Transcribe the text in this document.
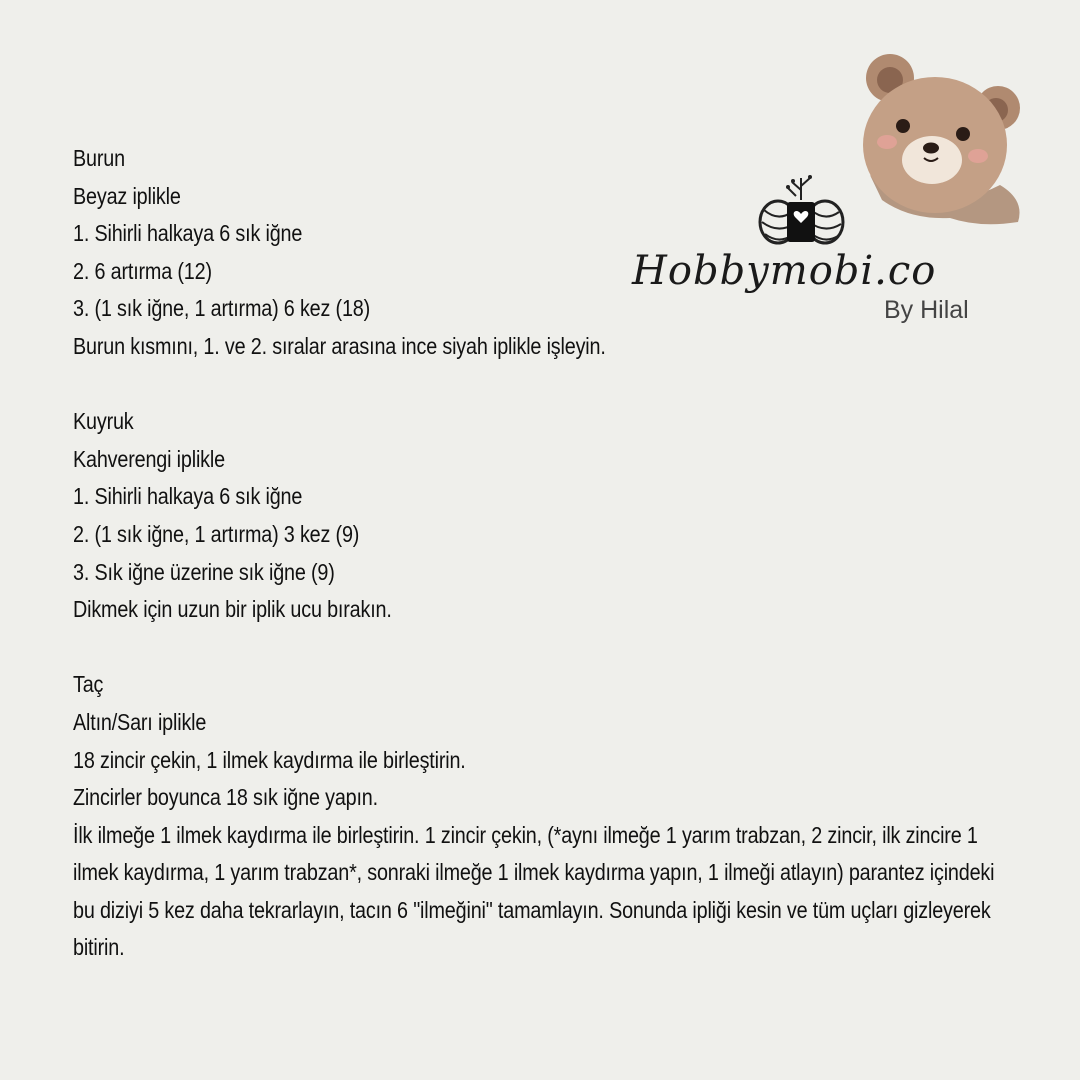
Hobbymobi.co
By Hilal
Burun
Beyaz iplikle
1. Sihirli halkaya 6 sık iğne
2. 6 artırma (12)
3. (1 sık iğne, 1 artırma) 6 kez (18)
Burun kısmını, 1. ve 2. sıralar arasına ince siyah iplikle işleyin.
Kuyruk
Kahverengi iplikle
1. Sihirli halkaya 6 sık iğne
2. (1 sık iğne, 1 artırma) 3 kez (9)
3. Sık iğne üzerine sık iğne (9)
Dikmek için uzun bir iplik ucu bırakın.
Taç
Altın/Sarı iplikle
18 zincir çekin, 1 ilmek kaydırma ile birleştirin.
Zincirler boyunca 18 sık iğne yapın.
İlk ilmeğe 1 ilmek kaydırma ile birleştirin. 1 zincir çekin, (*aynı ilmeğe 1 yarım trabzan, 2 zincir, ilk zincire 1 ilmek kaydırma, 1 yarım trabzan*, sonraki ilmeğe 1 ilmek kaydırma yapın, 1 ilmeği atlayın) parantez içindeki bu diziyi 5 kez daha tekrarlayın, tacın 6 "ilmeğini" tamamlayın. Sonunda ipliği kesin ve tüm uçları gizleyerek bitirin.
